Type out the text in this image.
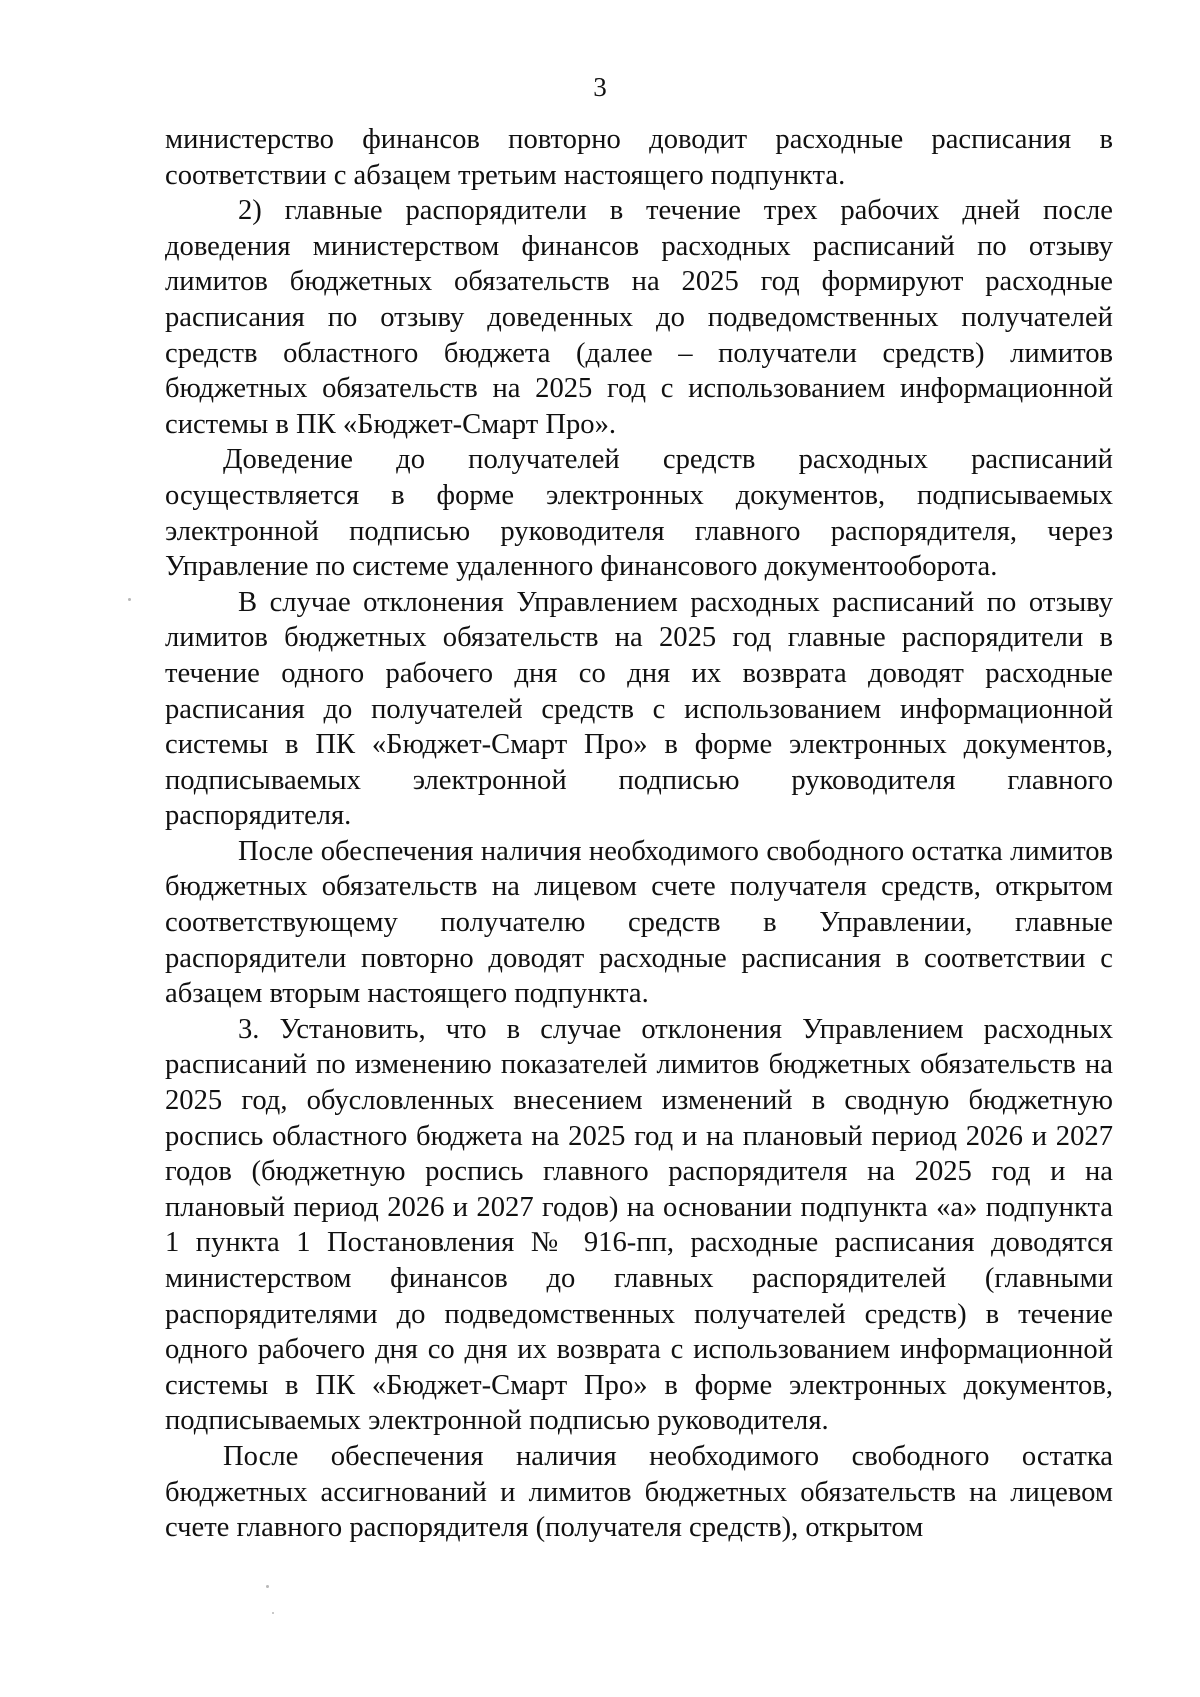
3

министерство финансов повторно доводит расходные расписания в соответствии с абзацем третьим настоящего подпункта.

2) главные распорядители в течение трех рабочих дней после доведения министерством финансов расходных расписаний по отзыву лимитов бюджетных обязательств на 2025 год формируют расходные расписания по отзыву доведенных до подведомственных получателей средств областного бюджета (далее – получатели средств) лимитов бюджетных обязательств на 2025 год с использованием информационной системы в ПК «Бюджет-Смарт Про».

Доведение до получателей средств расходных расписаний осуществляется в форме электронных документов, подписываемых электронной подписью руководителя главного распорядителя, через Управление по системе удаленного финансового документооборота.

В случае отклонения Управлением расходных расписаний по отзыву лимитов бюджетных обязательств на 2025 год главные распорядители в течение одного рабочего дня со дня их возврата доводят расходные расписания до получателей средств с использованием информационной системы в ПК «Бюджет-Смарт Про» в форме электронных документов, подписываемых электронной подписью руководителя главного распорядителя.

После обеспечения наличия необходимого свободного остатка лимитов бюджетных обязательств на лицевом счете получателя средств, открытом соответствующему получателю средств в Управлении, главные распорядители повторно доводят расходные расписания в соответствии с абзацем вторым настоящего подпункта.

3. Установить, что в случае отклонения Управлением расходных расписаний по изменению показателей лимитов бюджетных обязательств на 2025 год, обусловленных внесением изменений в сводную бюджетную роспись областного бюджета на 2025 год и на плановый период 2026 и 2027 годов (бюджетную роспись главного распорядителя на 2025 год и на плановый период 2026 и 2027 годов) на основании подпункта «а» подпункта 1 пункта 1 Постановления № 916-пп, расходные расписания доводятся министерством финансов до главных распорядителей (главными распорядителями до подведомственных получателей средств) в течение одного рабочего дня со дня их возврата с использованием информационной системы в ПК «Бюджет-Смарт Про» в форме электронных документов, подписываемых электронной подписью руководителя.

После обеспечения наличия необходимого свободного остатка бюджетных ассигнований и лимитов бюджетных обязательств на лицевом счете главного распорядителя (получателя средств), открытом
